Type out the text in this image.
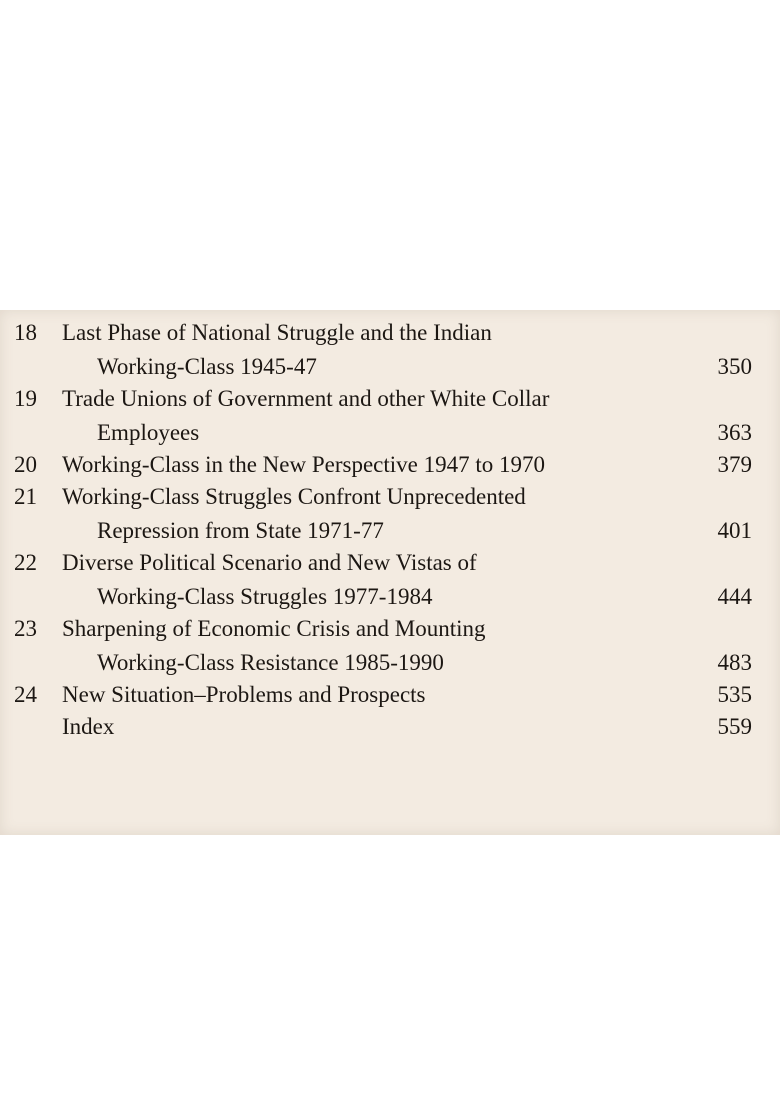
18	Last Phase of National Struggle and the Indian
Working-Class 1945-47	350
19	Trade Unions of Government and other White Collar
Employees	363
20	Working-Class in the New Perspective 1947 to 1970	379
21	Working-Class Struggles Confront Unprecedented
Repression from State 1971-77	401
22	Diverse Political Scenario and New Vistas of
Working-Class Struggles 1977-1984	444
23	Sharpening of Economic Crisis and Mounting
Working-Class Resistance 1985-1990	483
24	New Situation–Problems and Prospects	535
Index	559
